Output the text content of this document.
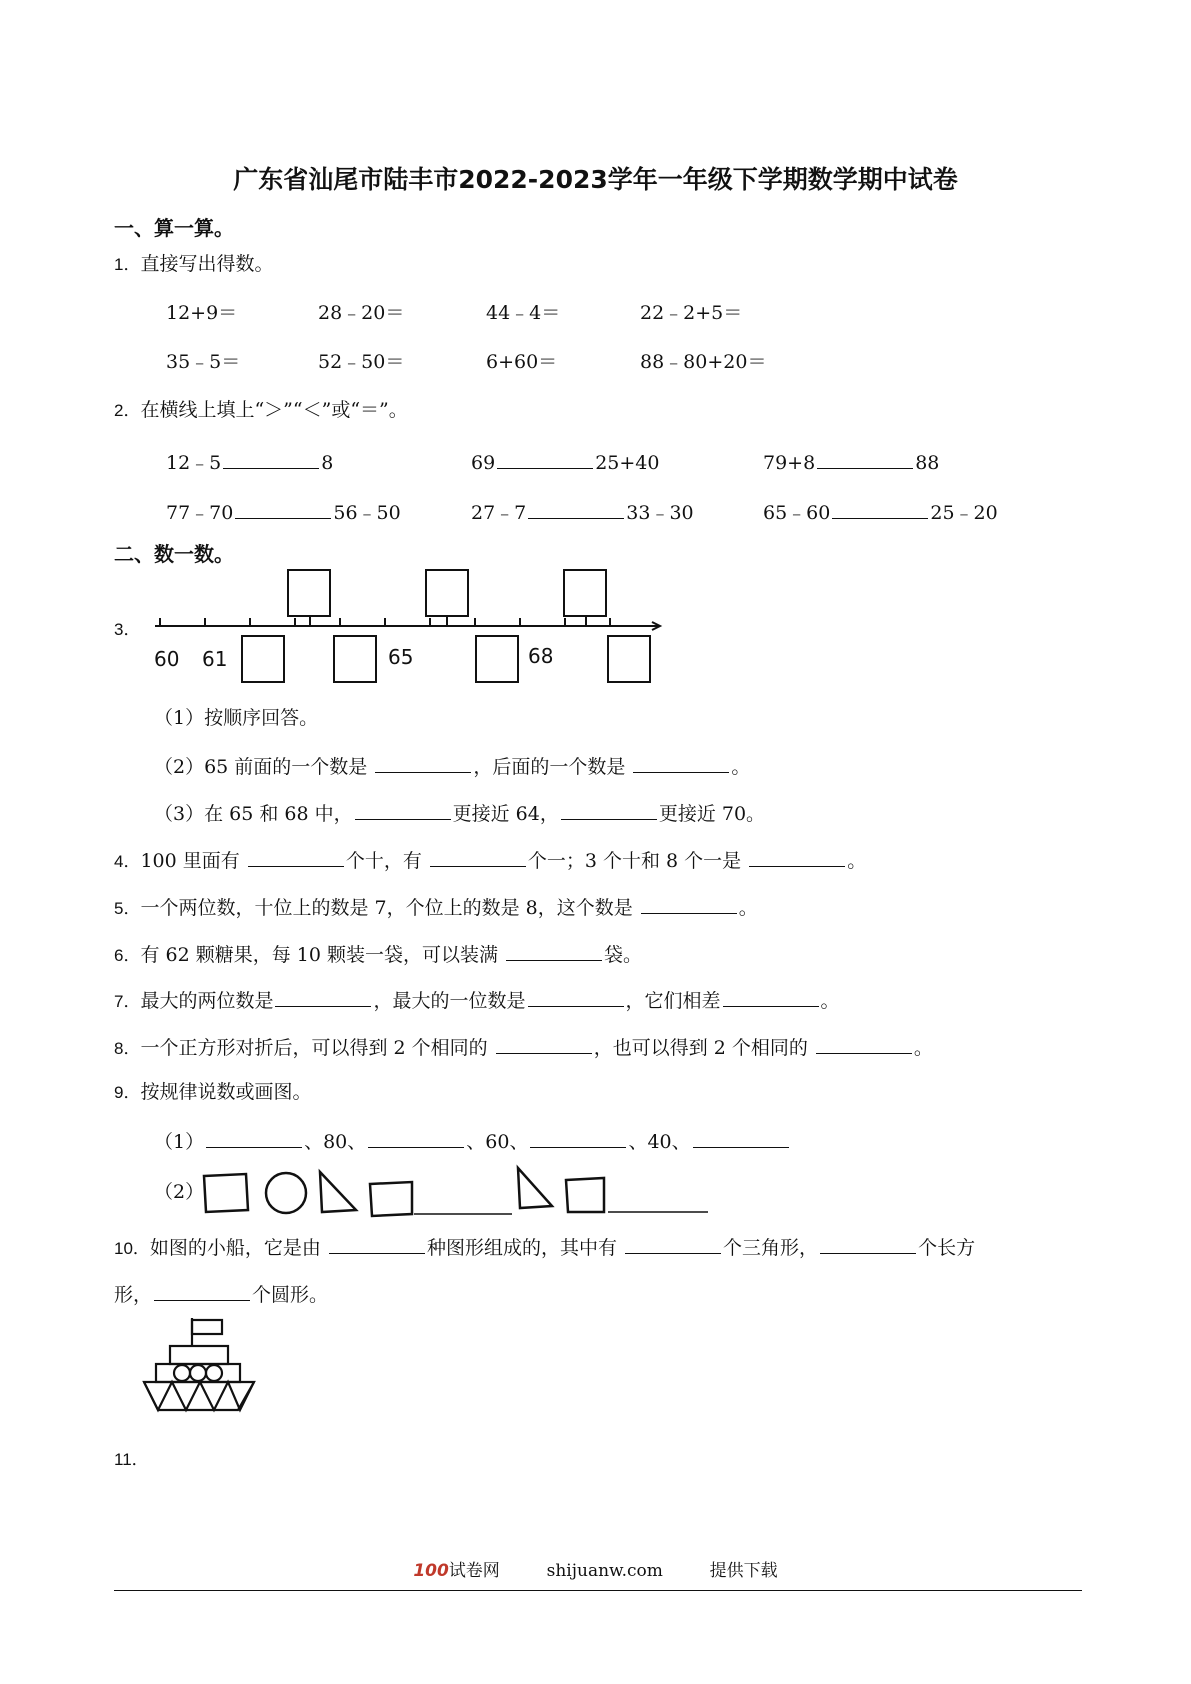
广东省汕尾市陆丰市2022-2023学年一年级下学期数学期中试卷
一、算一算。
1．直接写出得数。
12+9＝	28﹣20＝	44﹣4＝	22﹣2+5＝
35﹣5＝	52﹣50＝	6+60＝	88﹣80+20＝
2．在横线上填上“＞”“＜”或“＝”。
12﹣5	8	69	25+40	79+8	88
77﹣70	56﹣50	27﹣7	33﹣30	65﹣60	25﹣20
二、数一数。
3．
60 61	65	68
（1）按顺序回答。
（2）65 前面的一个数是	，后面的一个数是	。
（3）在 65 和 68 中，	更接近 64，	更接近 70。
4．100 里面有	个十，有	个一；3 个十和 8 个一是	。
5．一个两位数，十位上的数是 7，个位上的数是 8，这个数是	。
6．有 62 颗糖果，每 10 颗装一袋，可以装满	袋。
7．最大的两位数是	，最大的一位数是	，它们相差	。
8．一个正方形对折后，可以得到 2 个相同的	，也可以得到 2 个相同的	。
9．按规律说数或画图。
（1）	、80、	、60、	、40、
（2）
10．如图的小船，它是由	种图形组成的，其中有	个三角形，	个长方
形，	个圆形。
11．
100试卷网	shijuanw.com	提供下载
